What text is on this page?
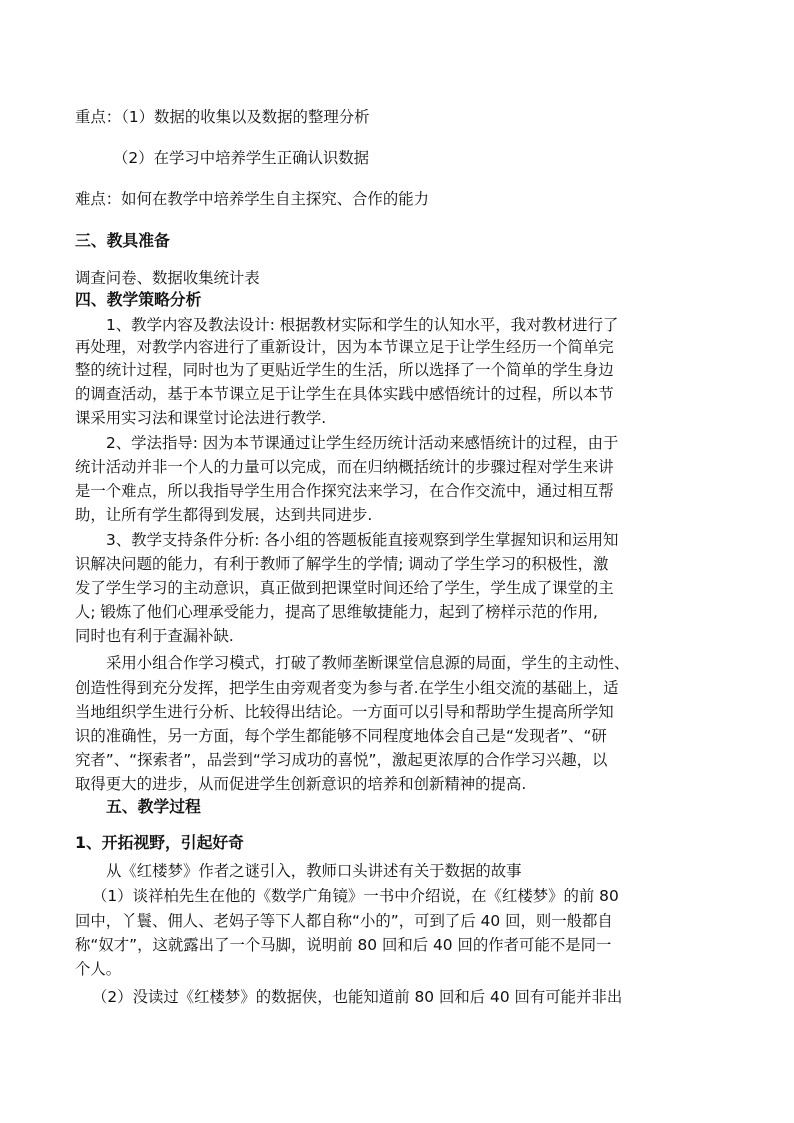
重点：（1）数据的收集以及数据的整理分析
（2）在学习中培养学生正确认识数据
难点：如何在教学中培养学生自主探究、合作的能力
三、教具准备
调查问卷、数据收集统计表
四、教学策略分析
1、教学内容及教法设计: 根据教材实际和学生的认知水平，我对教材进行了
再处理，对教学内容进行了重新设计，因为本节课立足于让学生经历一个简单完
整的统计过程，同时也为了更贴近学生的生活，所以选择了一个简单的学生身边
的调查活动，基于本节课立足于让学生在具体实践中感悟统计的过程，所以本节
课采用实习法和课堂讨论法进行教学.
2、学法指导: 因为本节课通过让学生经历统计活动来感悟统计的过程，由于
统计活动并非一个人的力量可以完成，而在归纳概括统计的步骤过程对学生来讲
是一个难点，所以我指导学生用合作探究法来学习，在合作交流中，通过相互帮
助，让所有学生都得到发展，达到共同进步.
3、教学支持条件分析: 各小组的答题板能直接观察到学生掌握知识和运用知
识解决问题的能力，有利于教师了解学生的学情; 调动了学生学习的积极性，激
发了学生学习的主动意识，真正做到把课堂时间还给了学生，学生成了课堂的主
人; 锻炼了他们心理承受能力，提高了思维敏捷能力，起到了榜样示范的作用,
同时也有利于查漏补缺.
采用小组合作学习模式，打破了教师垄断课堂信息源的局面，学生的主动性、
创造性得到充分发挥，把学生由旁观者变为参与者.在学生小组交流的基础上，适
当地组织学生进行分析、比较得出结论。一方面可以引导和帮助学生提高所学知
识的准确性，另一方面，每个学生都能够不同程度地体会自己是“发现者”、“研
究者”、“探索者”，品尝到“学习成功的喜悦”，激起更浓厚的合作学习兴趣，以
取得更大的进步，从而促进学生创新意识的培养和创新精神的提高.
五、教学过程
1、开拓视野，引起好奇
从《红楼梦》作者之谜引入，教师口头讲述有关于数据的故事
（1）谈祥柏先生在他的《数学广角镜》一书中介绍说，在《红楼梦》的前 80
回中，丫鬟、佣人、老妈子等下人都自称“小的”，可到了后 40 回，则一般都自
称“奴才”，这就露出了一个马脚，说明前 80 回和后 40 回的作者可能不是同一
个人。
（2）没读过《红楼梦》的数据侠，也能知道前 80 回和后 40 回有可能并非出
